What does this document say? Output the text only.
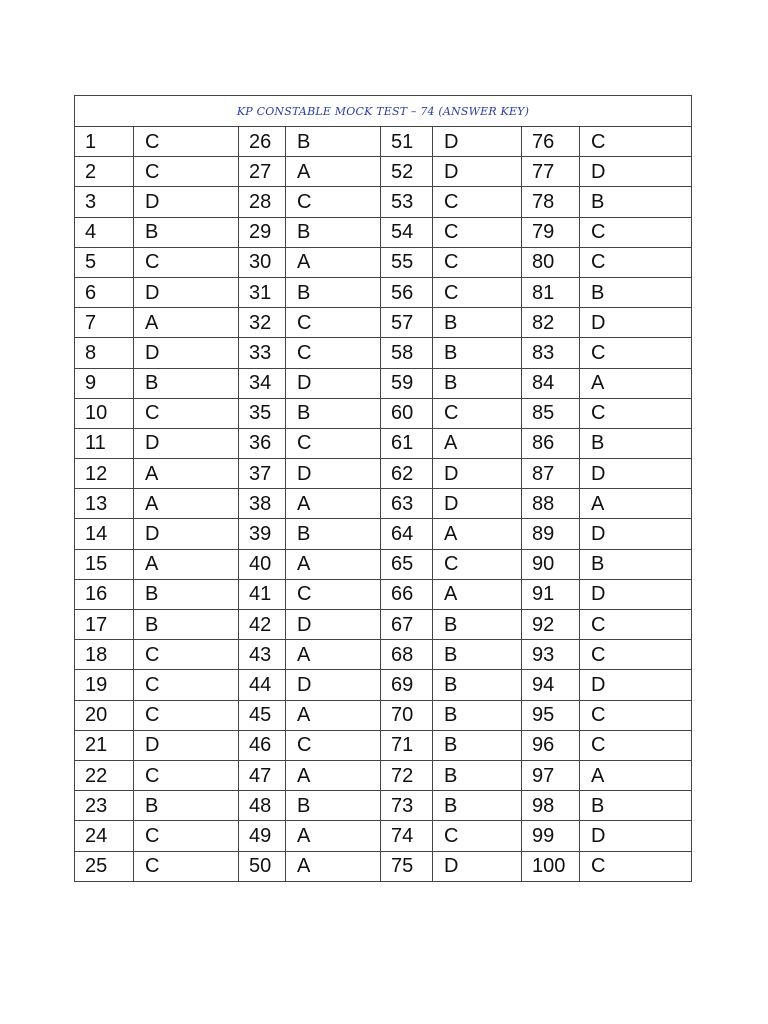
KP CONSTABLE MOCK TEST – 74 (ANSWER KEY)							
1	C	26	B	51	D	76	C
2	C	27	A	52	D	77	D
3	D	28	C	53	C	78	B
4	B	29	B	54	C	79	C
5	C	30	A	55	C	80	C
6	D	31	B	56	C	81	B
7	A	32	C	57	B	82	D
8	D	33	C	58	B	83	C
9	B	34	D	59	B	84	A
10	C	35	B	60	C	85	C
11	D	36	C	61	A	86	B
12	A	37	D	62	D	87	D
13	A	38	A	63	D	88	A
14	D	39	B	64	A	89	D
15	A	40	A	65	C	90	B
16	B	41	C	66	A	91	D
17	B	42	D	67	B	92	C
18	C	43	A	68	B	93	C
19	C	44	D	69	B	94	D
20	C	45	A	70	B	95	C
21	D	46	C	71	B	96	C
22	C	47	A	72	B	97	A
23	B	48	B	73	B	98	B
24	C	49	A	74	C	99	D
25	C	50	A	75	D	100	C
